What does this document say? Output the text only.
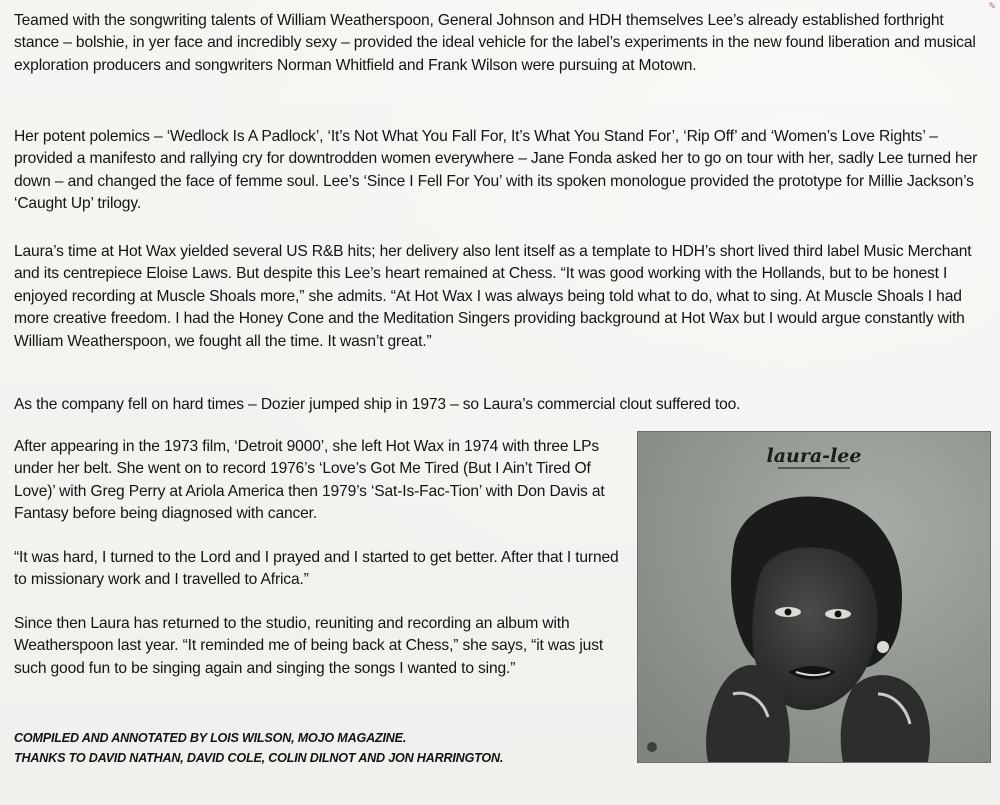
Teamed with the songwriting talents of William Weatherspoon, General Johnson and HDH themselves Lee’s already established forthright stance – bolshie, in yer face and incredibly sexy – provided the ideal vehicle for the label’s experiments in the new found liberation and musical exploration producers and songwriters Norman Whitfield and Frank Wilson were pursuing at Motown.

Her potent polemics – ‘Wedlock Is A Padlock’, ‘It’s Not What You Fall For, It’s What You Stand For’, ‘Rip Off’ and ‘Women’s Love Rights’ – provided a manifesto and rallying cry for downtrodden women everywhere – Jane Fonda asked her to go on tour with her, sadly Lee turned her down – and changed the face of femme soul. Lee’s ‘Since I Fell For You’ with its spoken monologue provided the prototype for Millie Jackson’s ‘Caught Up’ trilogy.

Laura’s time at Hot Wax yielded several US R&B hits; her delivery also lent itself as a template to HDH’s short lived third label Music Merchant and its centrepiece Eloise Laws. But despite this Lee’s heart remained at Chess. “It was good working with the Hollands, but to be honest I enjoyed recording at Muscle Shoals more,” she admits. “At Hot Wax I was always being told what to do, what to sing. At Muscle Shoals I had more creative freedom. I had the Honey Cone and the Meditation Singers providing background at Hot Wax but I would argue constantly with William Weatherspoon, we fought all the time. It wasn’t great.”

As the company fell on hard times – Dozier jumped ship in 1973 – so Laura’s commercial clout suffered too.

After appearing in the 1973 film, ‘Detroit 9000’, she left Hot Wax in 1974 with three LPs under her belt. She went on to record 1976’s ‘Love’s Got Me Tired (But I Ain’t Tired Of Love)’ with Greg Perry at Ariola America then 1979’s ‘Sat-Is-Fac-Tion’ with Don Davis at Fantasy before being diagnosed with cancer.

“It was hard, I turned to the Lord and I prayed and I started to get better. After that I turned to missionary work and I travelled to Africa.”

Since then Laura has returned to the studio, reuniting and recording an album with Weatherspoon last year. “It reminded me of being back at Chess,” she says, “it was just such good fun to be singing again and singing the songs I wanted to sing.”

COMPILED AND ANNOTATED BY LOIS WILSON, MOJO MAGAZINE.
THANKS TO DAVID NATHAN, DAVID COLE, COLIN DILNOT AND JON HARRINGTON.
laura-lee
✎
